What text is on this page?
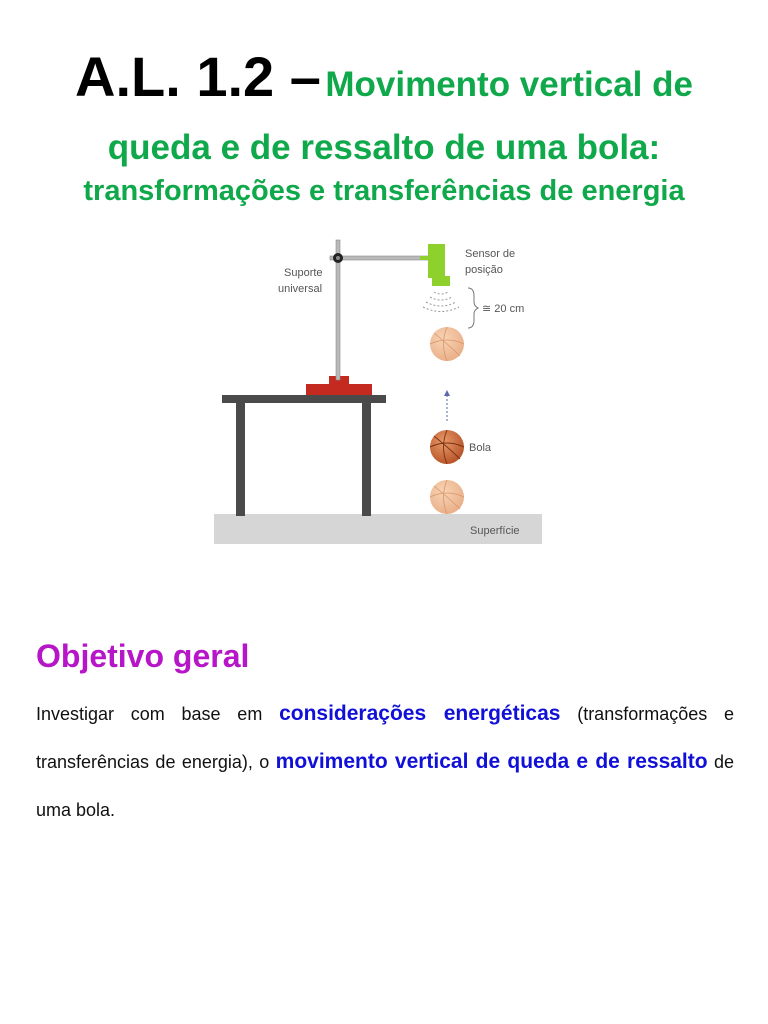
A.L. 1.2 – Movimento vertical de
queda e de ressalto de uma bola:
transformações e transferências de energia
Superfície
Suporte
universal
Sensor de
posição
≅ 20 cm
Bola
Objetivo geral
Investigar com base em considerações energéticas (transformações e transferências de energia), o movimento vertical de queda e de ressalto de uma bola.
